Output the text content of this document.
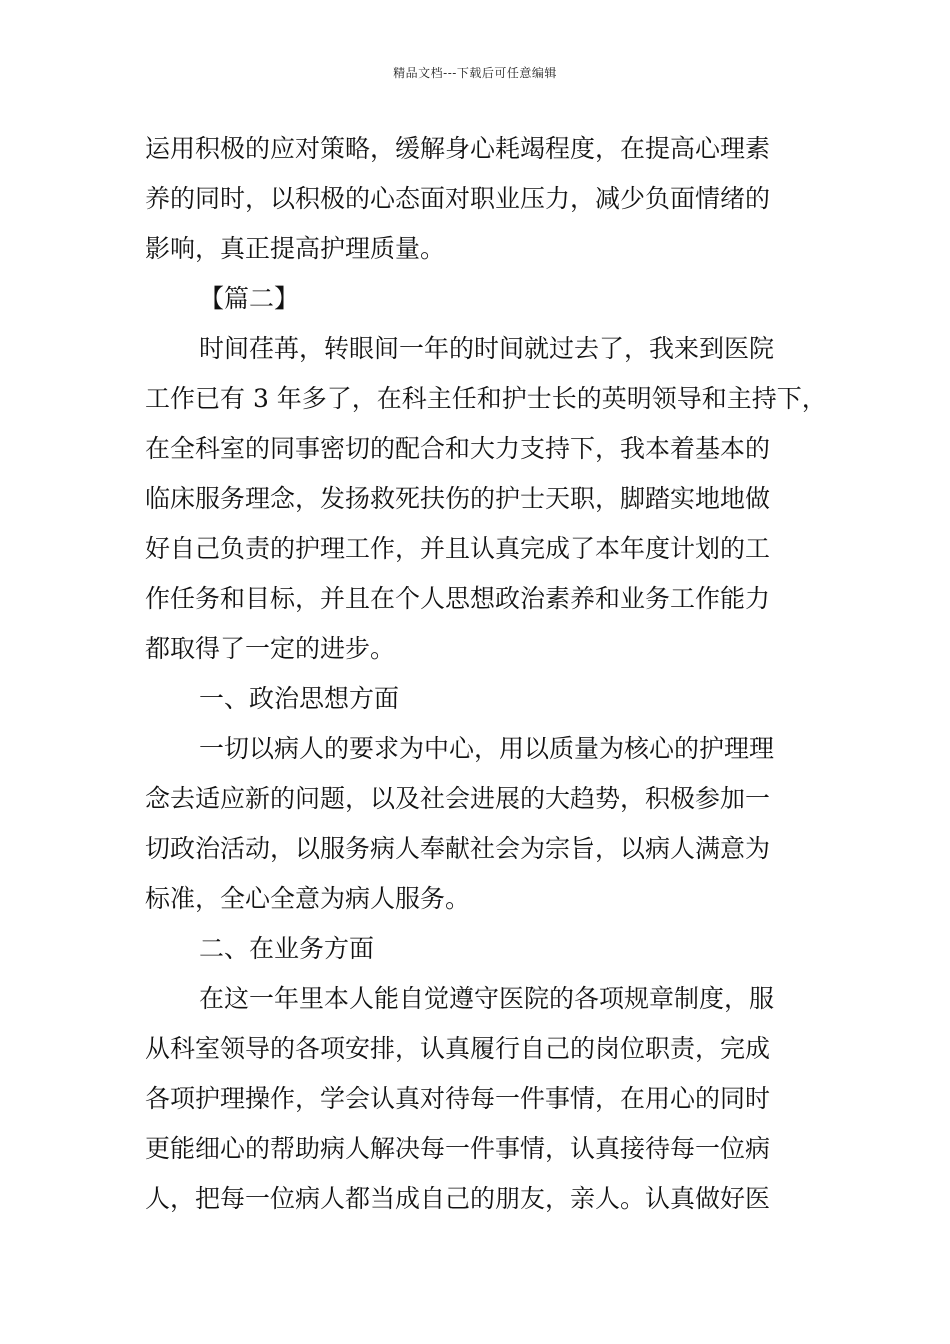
精品文档---下载后可任意编辑
运用积极的应对策略，缓解身心耗竭程度，在提高心理素
养的同时，以积极的心态面对职业压力，减少负面情绪的
影响，真正提高护理质量。
【篇二】
时间荏苒，转眼间一年的时间就过去了，我来到医院
工作已有 3 年多了，在科主任和护士长的英明领导和主持下，
在全科室的同事密切的配合和大力支持下，我本着基本的
临床服务理念，发扬救死扶伤的护士天职，脚踏实地地做
好自己负责的护理工作，并且认真完成了本年度计划的工
作任务和目标，并且在个人思想政治素养和业务工作能力
都取得了一定的进步。
一、政治思想方面
一切以病人的要求为中心，用以质量为核心的护理理
念去适应新的问题，以及社会进展的大趋势，积极参加一
切政治活动，以服务病人奉献社会为宗旨，以病人满意为
标准，全心全意为病人服务。
二、在业务方面
在这一年里本人能自觉遵守医院的各项规章制度，服
从科室领导的各项安排，认真履行自己的岗位职责，完成
各项护理操作，学会认真对待每一件事情，在用心的同时
更能细心的帮助病人解决每一件事情，认真接待每一位病
人，把每一位病人都当成自己的朋友，亲人。认真做好医
